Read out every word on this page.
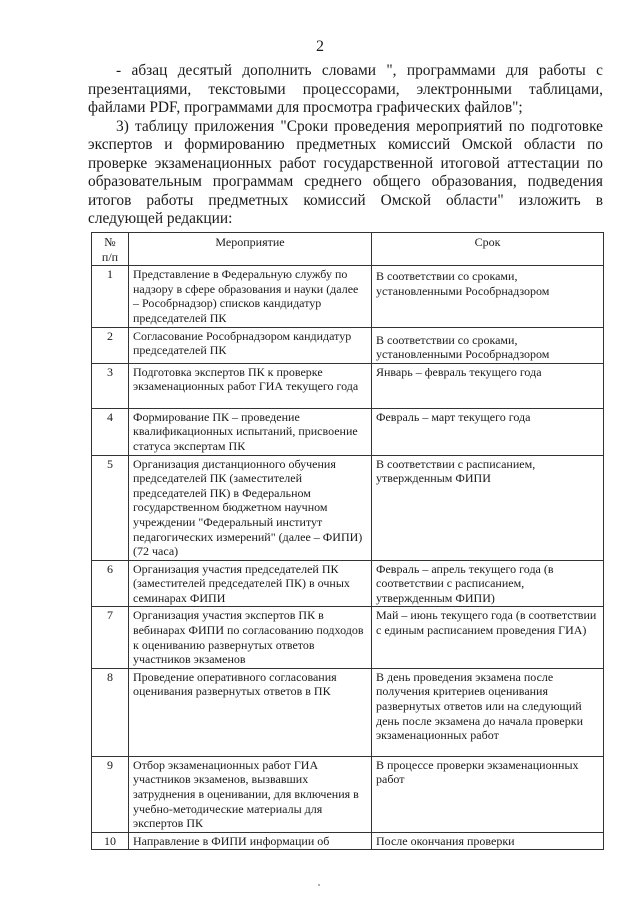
2

- абзац десятый дополнить словами ", программами для работы с презентациями, текстовыми процессорами, электронными таблицами, файлами PDF, программами для просмотра графических файлов";

3) таблицу приложения "Сроки проведения мероприятий по подготовке экспертов и формированию предметных комиссий Омской области по проверке экзаменационных работ государственной итоговой аттестации по образовательным программам среднего общего образования, подведения итогов работы предметных комиссий Омской области" изложить в следующей редакции:

№
п/п	Мероприятие	Срок
1	Представление в Федеральную службу по надзору в сфере образования и науки (далее – Рособрнадзор) списков кандидатур председателей ПК	В соответствии со сроками, установленными Рособрнадзором
2	Согласование Рособрнадзором кандидатур председателей ПК	В соответствии со сроками, установленными Рособрнадзором
3	Подготовка экспертов ПК к проверке экзаменационных работ ГИА текущего года	Январь – февраль текущего года
4	Формирование ПК – проведение квалификационных испытаний, присвоение статуса экспертам ПК	Февраль – март текущего года
5	Организация дистанционного обучения председателей ПК (заместителей председателей ПК) в Федеральном государственном бюджетном научном учреждении "Федеральный институт педагогических измерений" (далее – ФИПИ) (72 часа)	В соответствии с расписанием, утвержденным ФИПИ
6	Организация участия председателей ПК (заместителей председателей ПК) в очных семинарах ФИПИ	Февраль – апрель текущего года (в соответствии с расписанием, утвержденным ФИПИ)
7	Организация участия экспертов ПК в вебинарах ФИПИ по согласованию подходов к оцениванию развернутых ответов участников экзаменов	Май – июнь текущего года (в соответствии с единым расписанием проведения ГИА)
8	Проведение оперативного согласования оценивания развернутых ответов в ПК	В день проведения экзамена после получения критериев оценивания развернутых ответов или на следующий день после экзамена до начала проверки экзаменационных работ
9	Отбор экзаменационных работ ГИА участников экзаменов, вызвавших затруднения в оценивании, для включения в учебно-методические материалы для экспертов ПК	В процессе проверки экзаменационных работ
10	Направление в ФИПИ информации об	После окончания проверки
